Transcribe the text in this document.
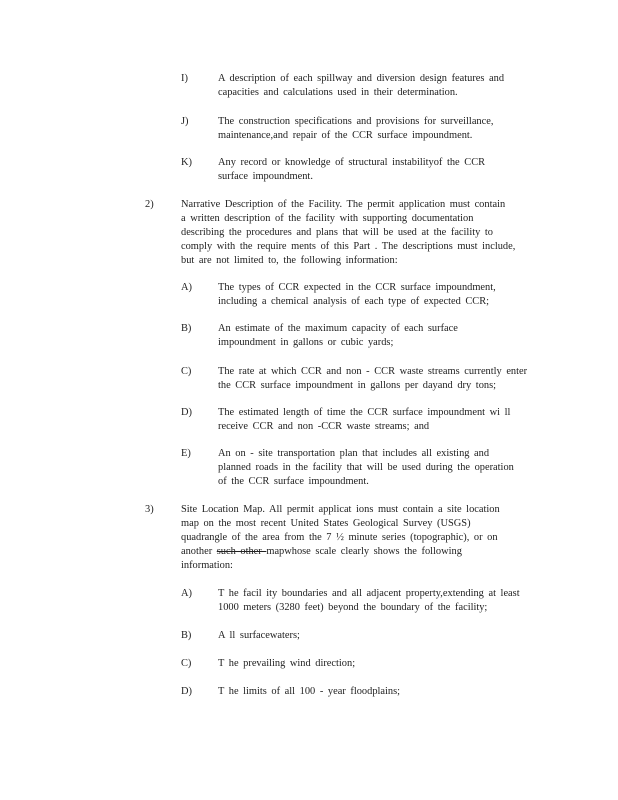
I)	A description of each spillway and diversion design features and
capacities and calculations used in their determination.
J)	The construction specifications and provisions for surveillance,
maintenance,and repair of the CCR surface impoundment.
K)	Any record or knowledge of structural instabilityof the CCR
surface impoundment.
2)	Narrative Description of the Facility. The permit application must contain
a written description of the facility with supporting documentation
describing the procedures and plans that will be used at the facility to
comply with the require ments of this Part . The descriptions must include,
but are not limited to, the following information:
A)	The types of CCR expected in the CCR surface impoundment,
including a chemical analysis of each type of expected CCR;
B)	An estimate of the maximum capacity of each surface
impoundment in gallons or cubic yards;
C)	The rate at which CCR and non - CCR waste streams currently enter
the CCR surface impoundment in gallons per dayand dry tons;
D)	The estimated length of time the CCR surface impoundment wi ll
receive CCR and non -CCR waste streams; and
E)	An on - site transportation plan that includes all existing and
planned roads in the facility that will be used during the operation
of the CCR surface impoundment.
3)	Site Location Map. All permit applicat ions must contain a site location
map on the most recent United States Geological Survey (USGS)
quadrangle of the area from the 7 ½ minute series (topographic), or on
another such other mapwhose scale clearly shows the following
information:
A)	T he facil ity boundaries and all adjacent property,extending at least
1000 meters (3280 feet) beyond the boundary of the facility;
B)	A ll surfacewaters;
C)	T he prevailing wind direction;
D)	T he limits of all 100 - year floodplains;
